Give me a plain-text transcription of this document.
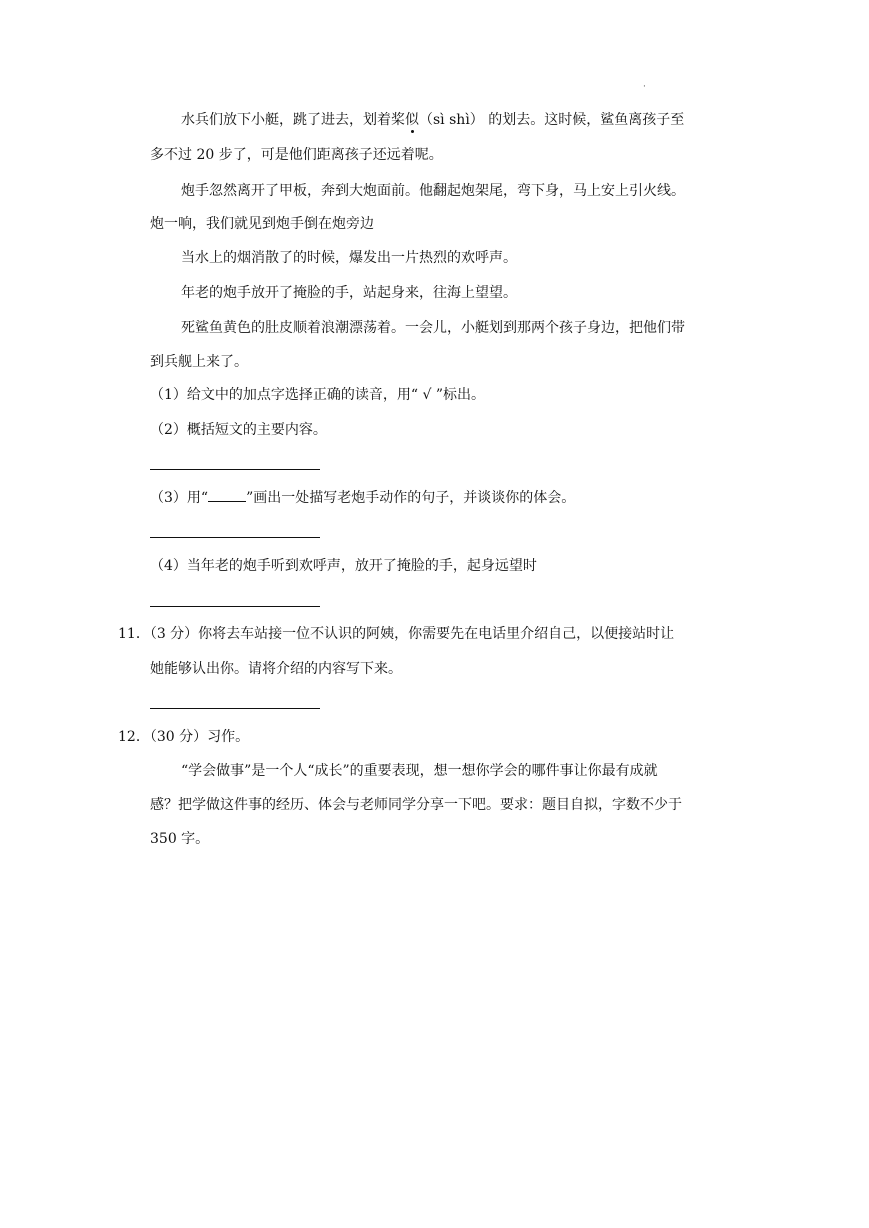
·
水兵们放下小艇，跳了进去，划着桨似（sì shì） 的划去。这时候，鲨鱼离孩子至
多不过 20 步了，可是他们距离孩子还远着呢。
炮手忽然离开了甲板，奔到大炮面前。他翻起炮架尾，弯下身，马上安上引火线。
炮一响，我们就见到炮手倒在炮旁边
当水上的烟消散了的时候，爆发出一片热烈的欢呼声。
年老的炮手放开了掩脸的手，站起身来，往海上望望。
死鲨鱼黄色的肚皮顺着浪潮漂荡着。一会儿，小艇划到那两个孩子身边，把他们带
到兵舰上来了。
（1）给文中的加点字选择正确的读音，用“ √ ”标出。
（2）概括短文的主要内容。
（3）用“	”画出一处描写老炮手动作的句子，并谈谈你的体会。
（4）当年老的炮手听到欢呼声，放开了掩脸的手，起身远望时
11．（3 分）你将去车站接一位不认识的阿姨，你需要先在电话里介绍自己，以便接站时让
她能够认出你。请将介绍的内容写下来。
12．（30 分）习作。
“学会做事”是一个人“成长”的重要表现，想一想你学会的哪件事让你最有成就
感？把学做这件事的经历、体会与老师同学分享一下吧。要求：题目自拟，字数不少于
350 字。
